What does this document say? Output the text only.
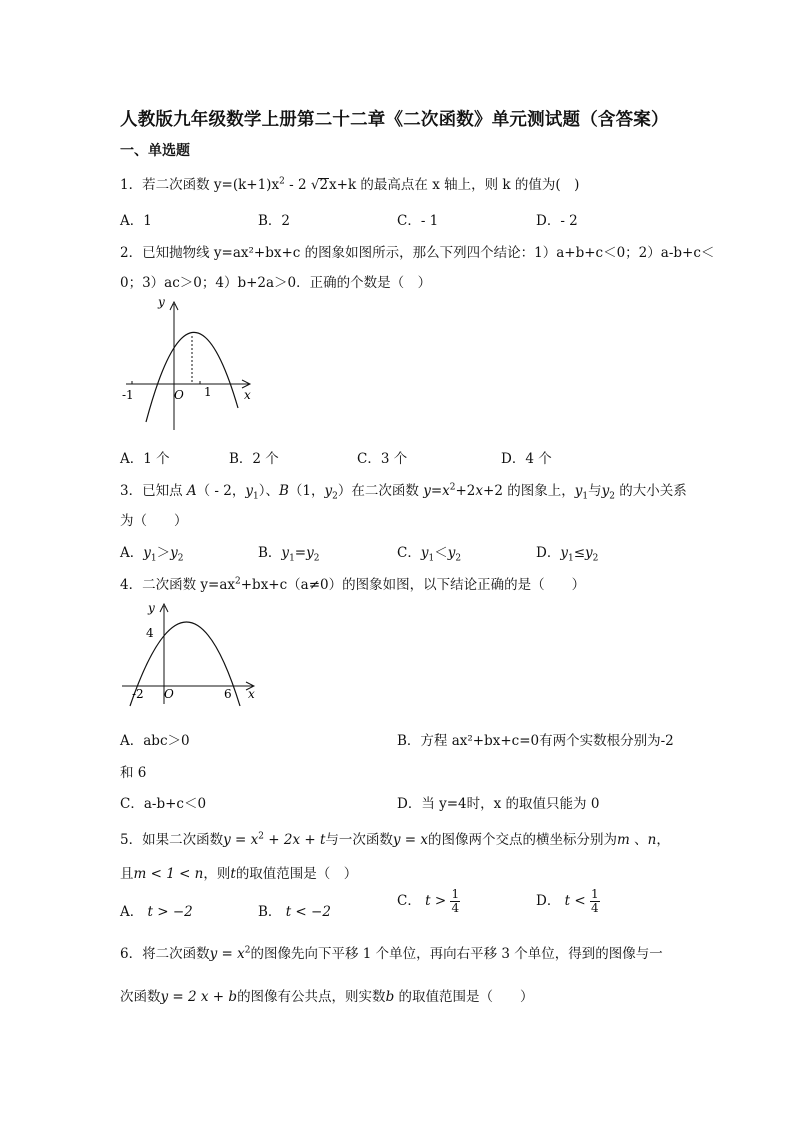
人教版九年级数学上册第二十二章《二次函数》单元测试题（含答案）
一、单选题
1．若二次函数 $y=(k+1)x^2 - 2$ √2x+k 的最高点在 x 轴上，则 k 的值为(　)
A．1	B．2	C．- 1	D．- 2
2．已知抛物线 y=ax²+bx+c 的图象如图所示，那么下列四个结论：1）a+b+c＜0；2）a-b+c＜
0；3）ac＞0；4）b+2a＞0．正确的个数是（　）
y
x
O
-1	1
A．1 个	B．2 个	C．3 个	D．4 个
3．已知点 A（ - 2，$y_1$）、B（1，$y_2$）在二次函数 $y=x^2+2x+2$ 的图象上，$y_1$与$y_2$ 的大小关系
为（　　）
A．$y_1>y_2$	B．$y_1=y_2$	C．$y_1<y_2$	D．$y_1\le y_2$
4．二次函数 $y=ax^2+bx+c(a\ne 0)$的图象如图，以下结论正确的是（　　）
y
4
x
O
-2	6
A．abc＞0	B．方程 ax²+bx+c=0有两个实数根分别为-2
和 6
C．a-b+c＜0	D．当 y=4时，x 的取值只能为 0
5．如果二次函数$y = x^2 + 2x + t$与一次函数y = x的图像两个交点的横坐标分别为m 、n，
且m < 1 < n，则t的取值范围是（　）
A． t > −2	B． t < −2
C． $t > \frac{1}{4}$	D． $t < \frac{1}{4}$
6．将二次函数$y = x^2$的图像先向下平移 1 个单位，再向右平移 3 个单位，得到的图像与一
次函数y = 2 x + b的图像有公共点，则实数b 的取值范围是（　　）
